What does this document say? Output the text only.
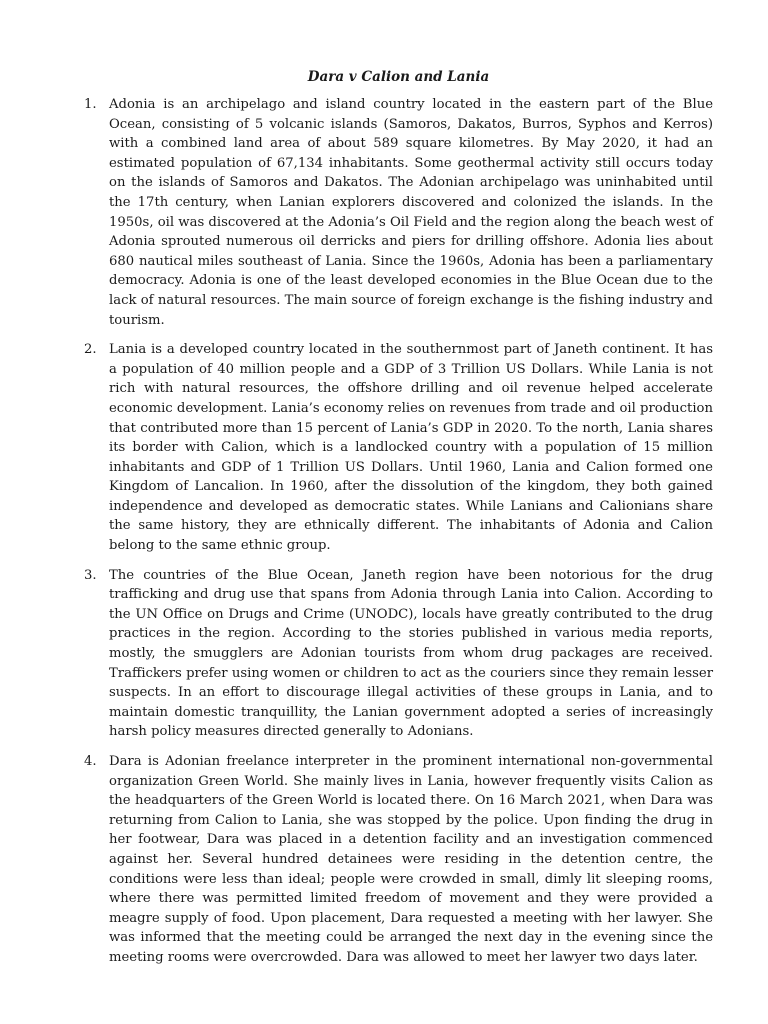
Dara v Calion and Lania
1. Adonia is an archipelago and island country located in the eastern part of the Blue Ocean, consisting of 5 volcanic islands (Samoros, Dakatos, Burros, Syphos and Kerros) with a combined land area of about 589 square kilometres. By May 2020, it had an estimated population of 67,134 inhabitants. Some geothermal activity still occurs today on the islands of Samoros and Dakatos. The Adonian archipelago was uninhabited until the 17th century, when Lanian explorers discovered and colonized the islands. In the 1950s, oil was discovered at the Adonia’s Oil Field and the region along the beach west of Adonia sprouted numerous oil derricks and piers for drilling offshore. Adonia lies about 680 nautical miles southeast of Lania. Since the 1960s, Adonia has been a parliamentary democracy. Adonia is one of the least developed economies in the Blue Ocean due to the lack of natural resources. The main source of foreign exchange is the fishing industry and tourism.
2. Lania is a developed country located in the southernmost part of Janeth continent. It has a population of 40 million people and a GDP of 3 Trillion US Dollars. While Lania is not rich with natural resources, the offshore drilling and oil revenue helped accelerate economic development. Lania’s economy relies on revenues from trade and oil production that contributed more than 15 percent of Lania’s GDP in 2020. To the north, Lania shares its border with Calion, which is a landlocked country with a population of 15 million inhabitants and GDP of 1 Trillion US Dollars. Until 1960, Lania and Calion formed one Kingdom of Lancalion. In 1960, after the dissolution of the kingdom, they both gained independence and developed as democratic states. While Lanians and Calionians share the same history, they are ethnically different. The inhabitants of Adonia and Calion belong to the same ethnic group.
3. The countries of the Blue Ocean, Janeth region have been notorious for the drug trafficking and drug use that spans from Adonia through Lania into Calion. According to the UN Office on Drugs and Crime (UNODC), locals have greatly contributed to the drug practices in the region. According to the stories published in various media reports, mostly, the smugglers are Adonian tourists from whom drug packages are received. Traffickers prefer using women or children to act as the couriers since they remain lesser suspects. In an effort to discourage illegal activities of these groups in Lania, and to maintain domestic tranquillity, the Lanian government adopted a series of increasingly harsh policy measures directed generally to Adonians.
4. Dara is Adonian freelance interpreter in the prominent international non-governmental organization Green World. She mainly lives in Lania, however frequently visits Calion as the headquarters of the Green World is located there. On 16 March 2021, when Dara was returning from Calion to Lania, she was stopped by the police. Upon finding the drug in her footwear, Dara was placed in a detention facility and an investigation commenced against her. Several hundred detainees were residing in the detention centre, the conditions were less than ideal; people were crowded in small, dimly lit sleeping rooms, where there was permitted limited freedom of movement and they were provided a meagre supply of food. Upon placement, Dara requested a meeting with her lawyer. She was informed that the meeting could be arranged the next day in the evening since the meeting rooms were overcrowded. Dara was allowed to meet her lawyer two days later.
